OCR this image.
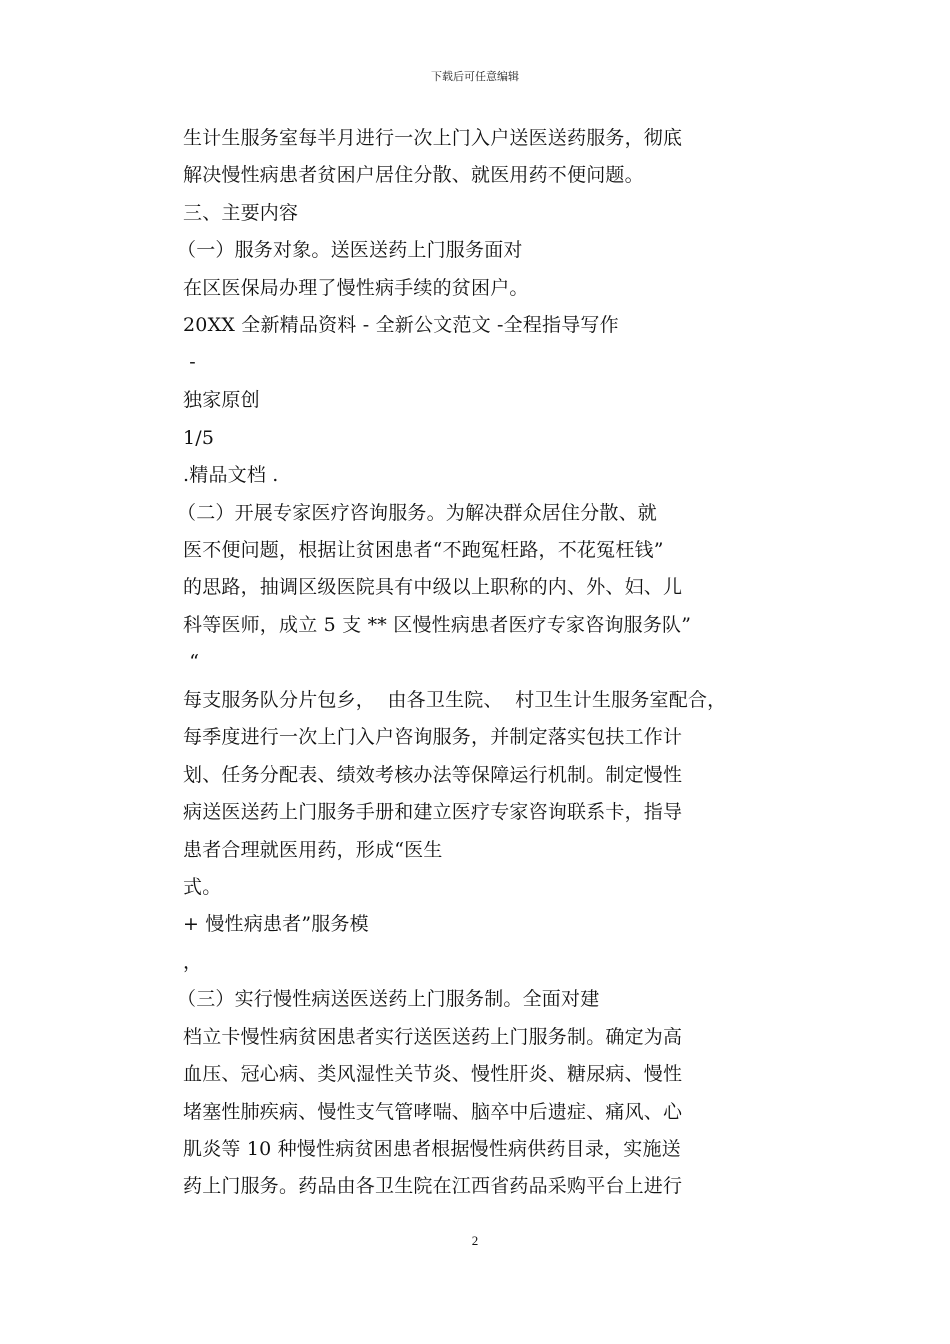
下载后可任意编辑
生计生服务室每半月进行一次上门入户送医送药服务，彻底
解决慢性病患者贫困户居住分散、就医用药不便问题。
三、主要内容
（一）服务对象。送医送药上门服务面对
在区医保局办理了慢性病手续的贫困户。
20XX 全新精品资料 - 全新公文范文 -全程指导写作
-
独家原创
1/5
.精品文档 .
（二）开展专家医疗咨询服务。为解决群众居住分散、就
医不便问题，根据让贫困患者“不跑冤枉路，不花冤枉钱”
的思路，抽调区级医院具有中级以上职称的内、外、妇、儿
科等医师，成立 5 支 ** 区慢性病患者医疗专家咨询服务队”
“
每支服务队分片包乡，  由各卫生院、  村卫生计生服务室配合，
每季度进行一次上门入户咨询服务，并制定落实包扶工作计
划、任务分配表、绩效考核办法等保障运行机制。制定慢性
病送医送药上门服务手册和建立医疗专家咨询联系卡，指导
患者合理就医用药，形成“医生
式。
+ 慢性病患者”服务模
，
（三）实行慢性病送医送药上门服务制。全面对建
档立卡慢性病贫困患者实行送医送药上门服务制。确定为高
血压、冠心病、类风湿性关节炎、慢性肝炎、糖尿病、慢性
堵塞性肺疾病、慢性支气管哮喘、脑卒中后遗症、痛风、心
肌炎等 10 种慢性病贫困患者根据慢性病供药目录，实施送
药上门服务。药品由各卫生院在江西省药品采购平台上进行
2
